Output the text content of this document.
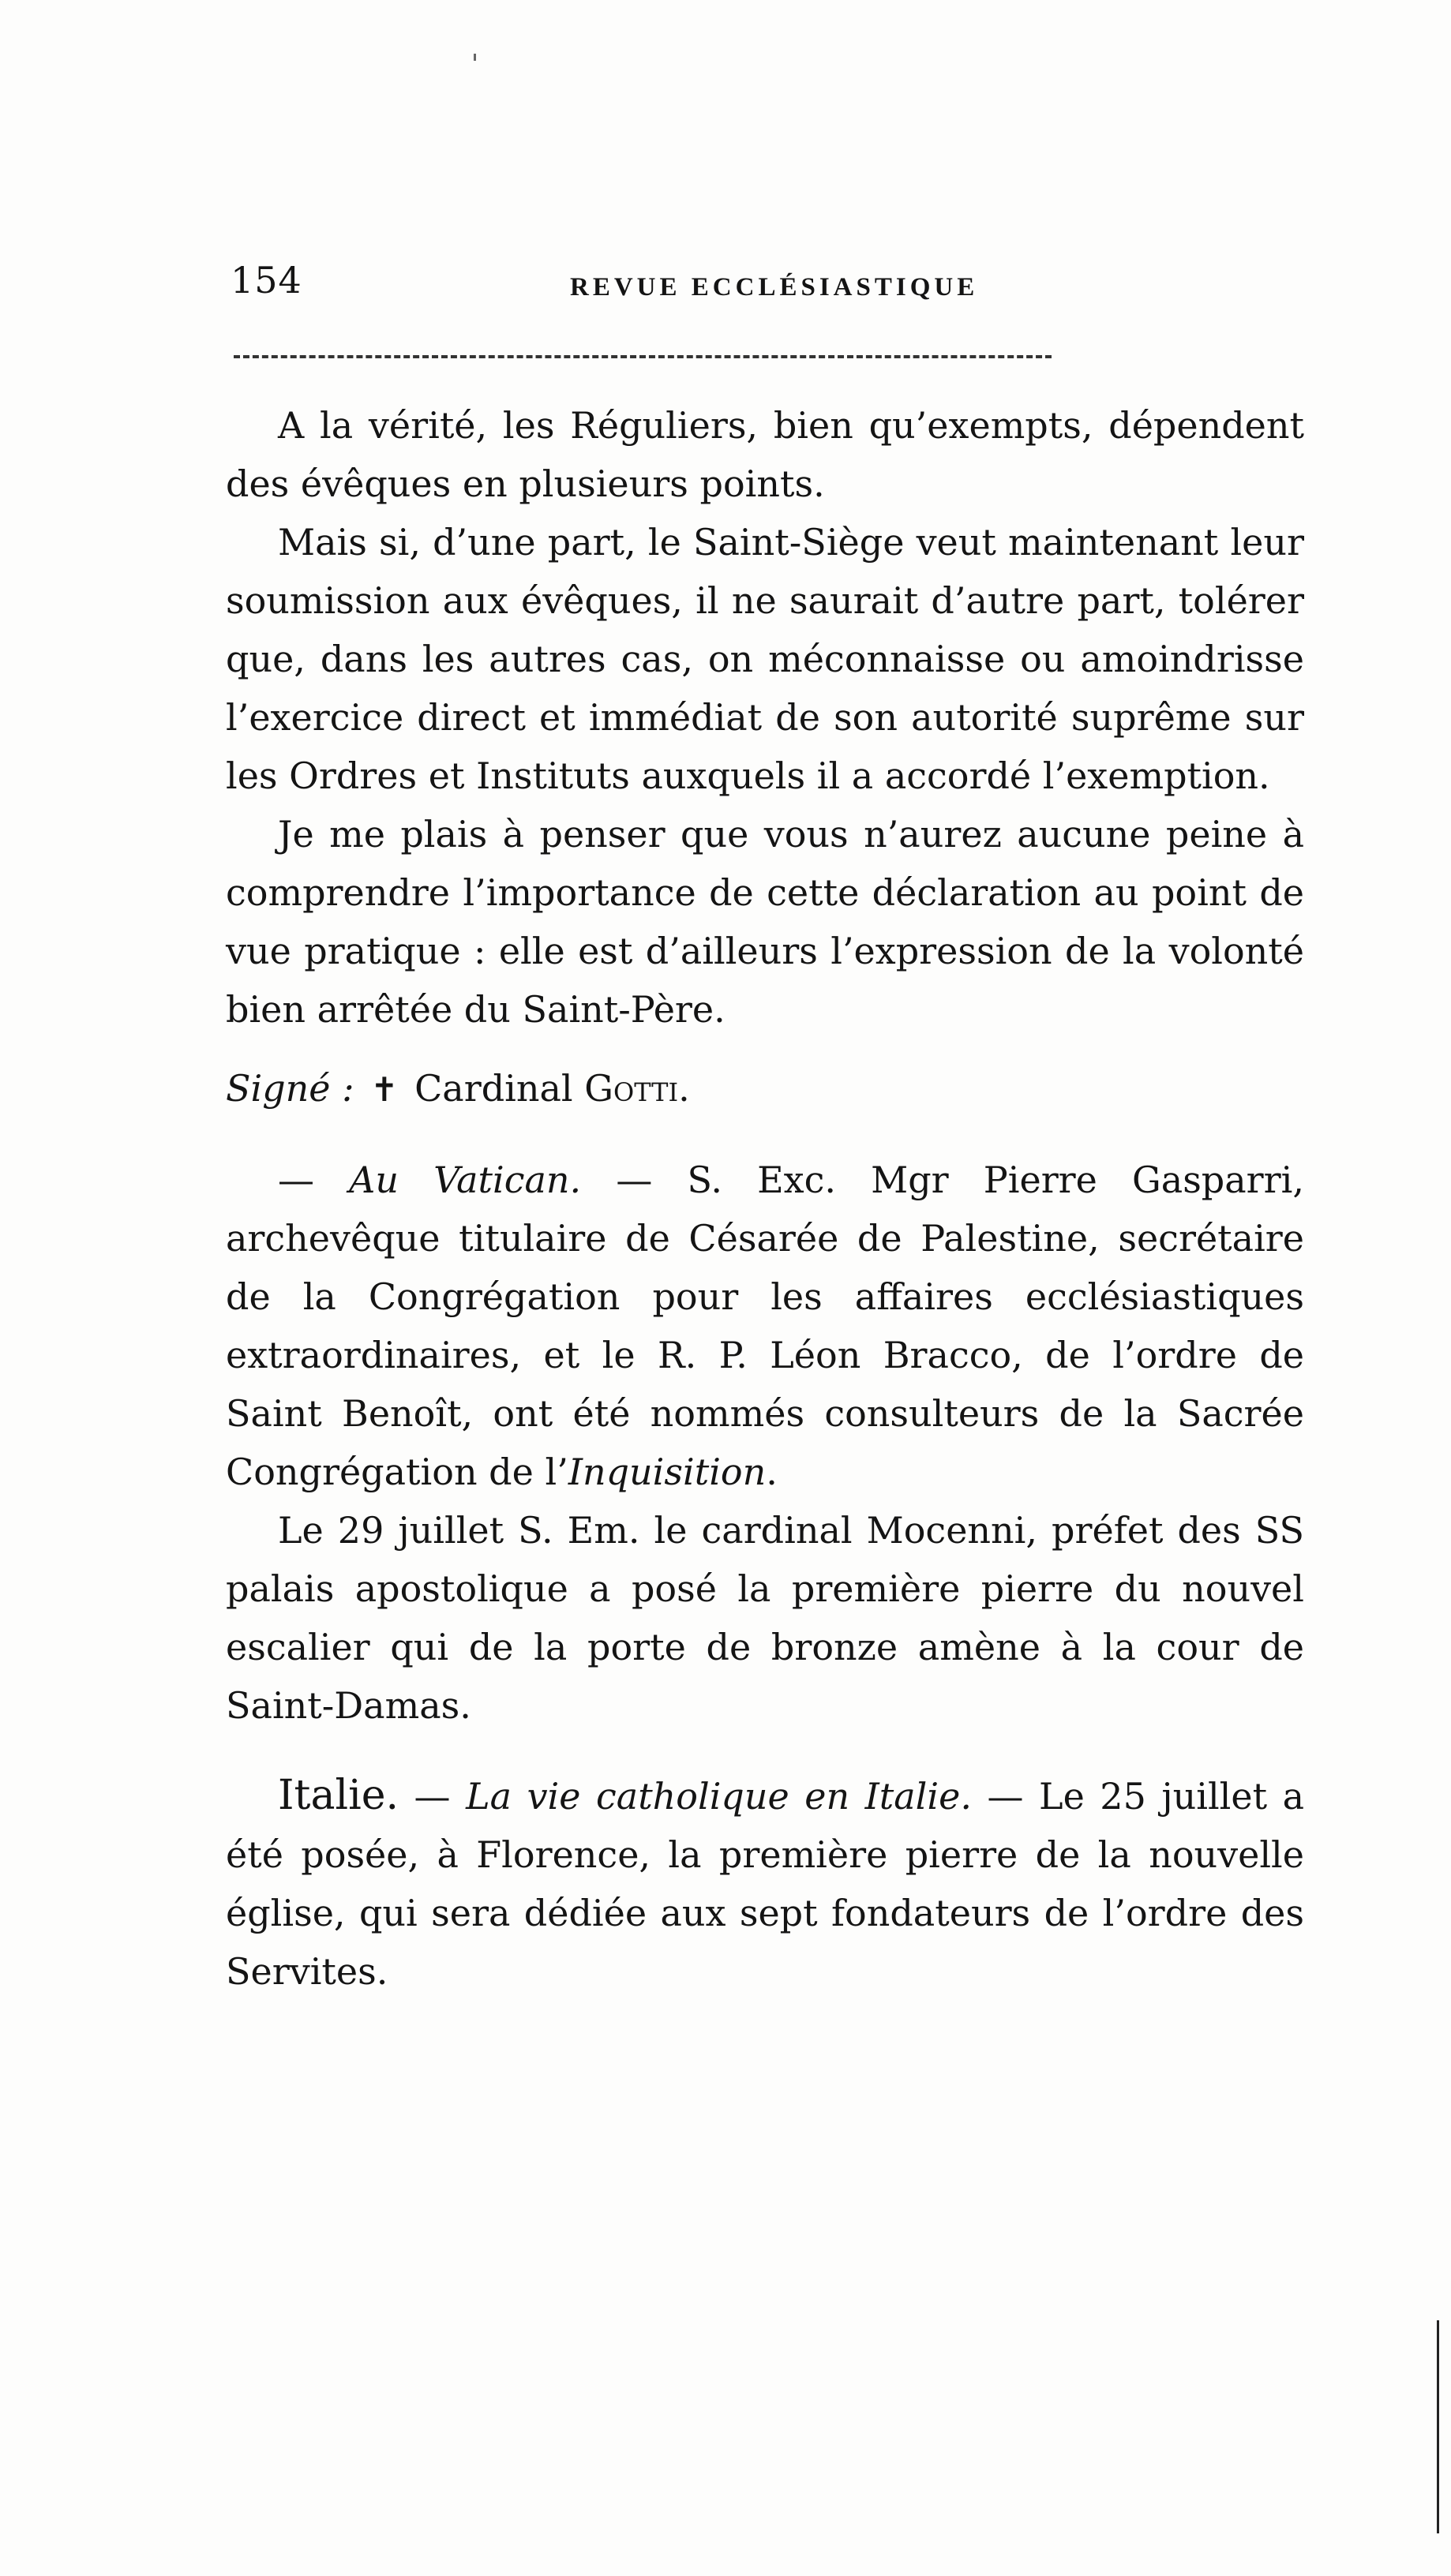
154	REVUE ECCLÉSIASTIQUE

A la vérité, les Réguliers, bien qu’exempts, dépendent des évêques en plusieurs points.

Mais si, d’une part, le Saint-Siège veut maintenant leur soumission aux évêques, il ne saurait d’autre part, tolérer que, dans les autres cas, on méconnaisse ou amoindrisse l’exercice direct et immédiat de son autorité suprême sur les Ordres et Instituts auxquels il a accordé l’exemption.

Je me plais à penser que vous n’aurez aucune peine à comprendre l’importance de cette déclaration au point de vue pratique : elle est d’ailleurs l’expression de la volonté bien arrêtée du Saint-Père.

Signé : ✝ Cardinal Gotti.

— Au Vatican. — S. Exc. Mgr Pierre Gasparri, archevêque titulaire de Césarée de Palestine, secrétaire de la Congrégation pour les affaires ecclésiastiques extraordinaires, et le R. P. Léon Bracco, de l’ordre de Saint Benoît, ont été nommés consulteurs de la Sacrée Congrégation de l’Inquisition.

Le 29 juillet S. Em. le cardinal Mocenni, préfet des SS palais apostolique a posé la première pierre du nouvel escalier qui de la porte de bronze amène à la cour de Saint-Damas.

Italie. — La vie catholique en Italie. — Le 25 juillet a été posée, à Florence, la première pierre de la nouvelle église, qui sera dédiée aux sept fondateurs de l’ordre des Servites.
